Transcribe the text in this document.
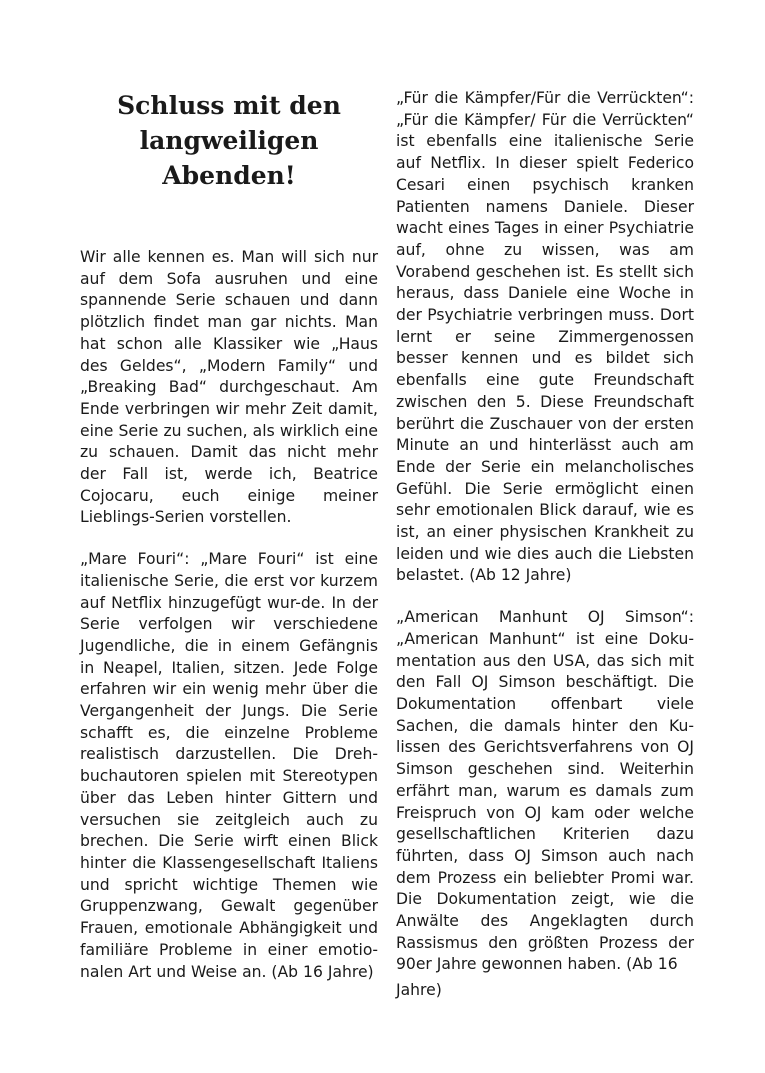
Schluss mit den langweiligen Abenden!

Wir alle kennen es. Man will sich nur auf dem Sofa ausruhen und eine spannende Serie schauen und dann plötzlich findet man gar nichts. Man hat schon alle Klassiker wie „Haus des Geldes“, „Modern Family“ und „Breaking Bad“ durchgeschaut. Am Ende verbringen wir mehr Zeit damit, eine Serie zu suchen, als wirklich eine zu schauen. Damit das nicht mehr der Fall ist, werde ich, Beatrice Cojocaru, euch einige meiner Lieblings-Serien vorstellen.

„Mare Fouri“: „Mare Fouri“ ist eine italienische Serie, die erst vor kurzem auf Netflix hinzugefügt wur-de. In der Serie verfolgen wir verschiedene Jugendliche, die in einem Gefängnis in Neapel, Italien, sitzen. Jede Folge erfahren wir ein wenig mehr über die Vergangenheit der Jungs. Die Serie schafft es, die einzelne Probleme realistisch darzustellen. Die Drehbuchautoren spielen mit Stereotypen über das Leben hinter Gittern und versuchen sie zeitgleich auch zu brechen. Die Serie wirft einen Blick hinter die Klassengesellschaft Italiens und spricht wichtige Themen wie Gruppenzwang, Gewalt gegenüber Frauen, emotionale Abhängigkeit und familiäre Probleme in einer emotionalen Art und Weise an. (Ab 16 Jahre)

„Für die Kämpfer/Für die Verrückten“: „Für die Kämpfer/ Für die Verrückten“ ist ebenfalls eine italienische Serie auf Netflix. In dieser spielt Federico Cesari einen psychisch kranken Patienten namens Daniele. Dieser wacht eines Tages in einer Psychiatrie auf, ohne zu wissen, was am Vorabend geschehen ist. Es stellt sich heraus, dass Daniele eine Woche in der Psychiatrie verbringen muss. Dort lernt er seine Zimmergenossen besser kennen und es bildet sich ebenfalls eine gute Freundschaft zwischen den 5. Diese Freundschaft berührt die Zuschauer von der ersten Minute an und hinterlässt auch am Ende der Serie ein melancholisches Gefühl. Die Serie ermöglicht einen sehr emotionalen Blick darauf, wie es ist, an einer physischen Krankheit zu leiden und wie dies auch die Liebsten belastet. (Ab 12 Jahre)

„American Manhunt OJ Simson“: „American Manhunt“ ist eine Dokumentation aus den USA, das sich mit den Fall OJ Simson beschäftigt. Die Dokumentation offenbart viele Sachen, die damals hinter den Kulissen des Gerichtsverfahrens von OJ Simson geschehen sind. Weiterhin erfährt man, warum es damals zum Freispruch von OJ kam oder welche gesellschaftlichen Kriterien dazu führten, dass OJ Simson auch nach dem Prozess ein beliebter Promi war. Die Dokumentation zeigt, wie die Anwälte des Angeklagten durch Rassismus den größten Prozess der 90er Jahre gewonnen haben. (Ab 16

Jahre)
